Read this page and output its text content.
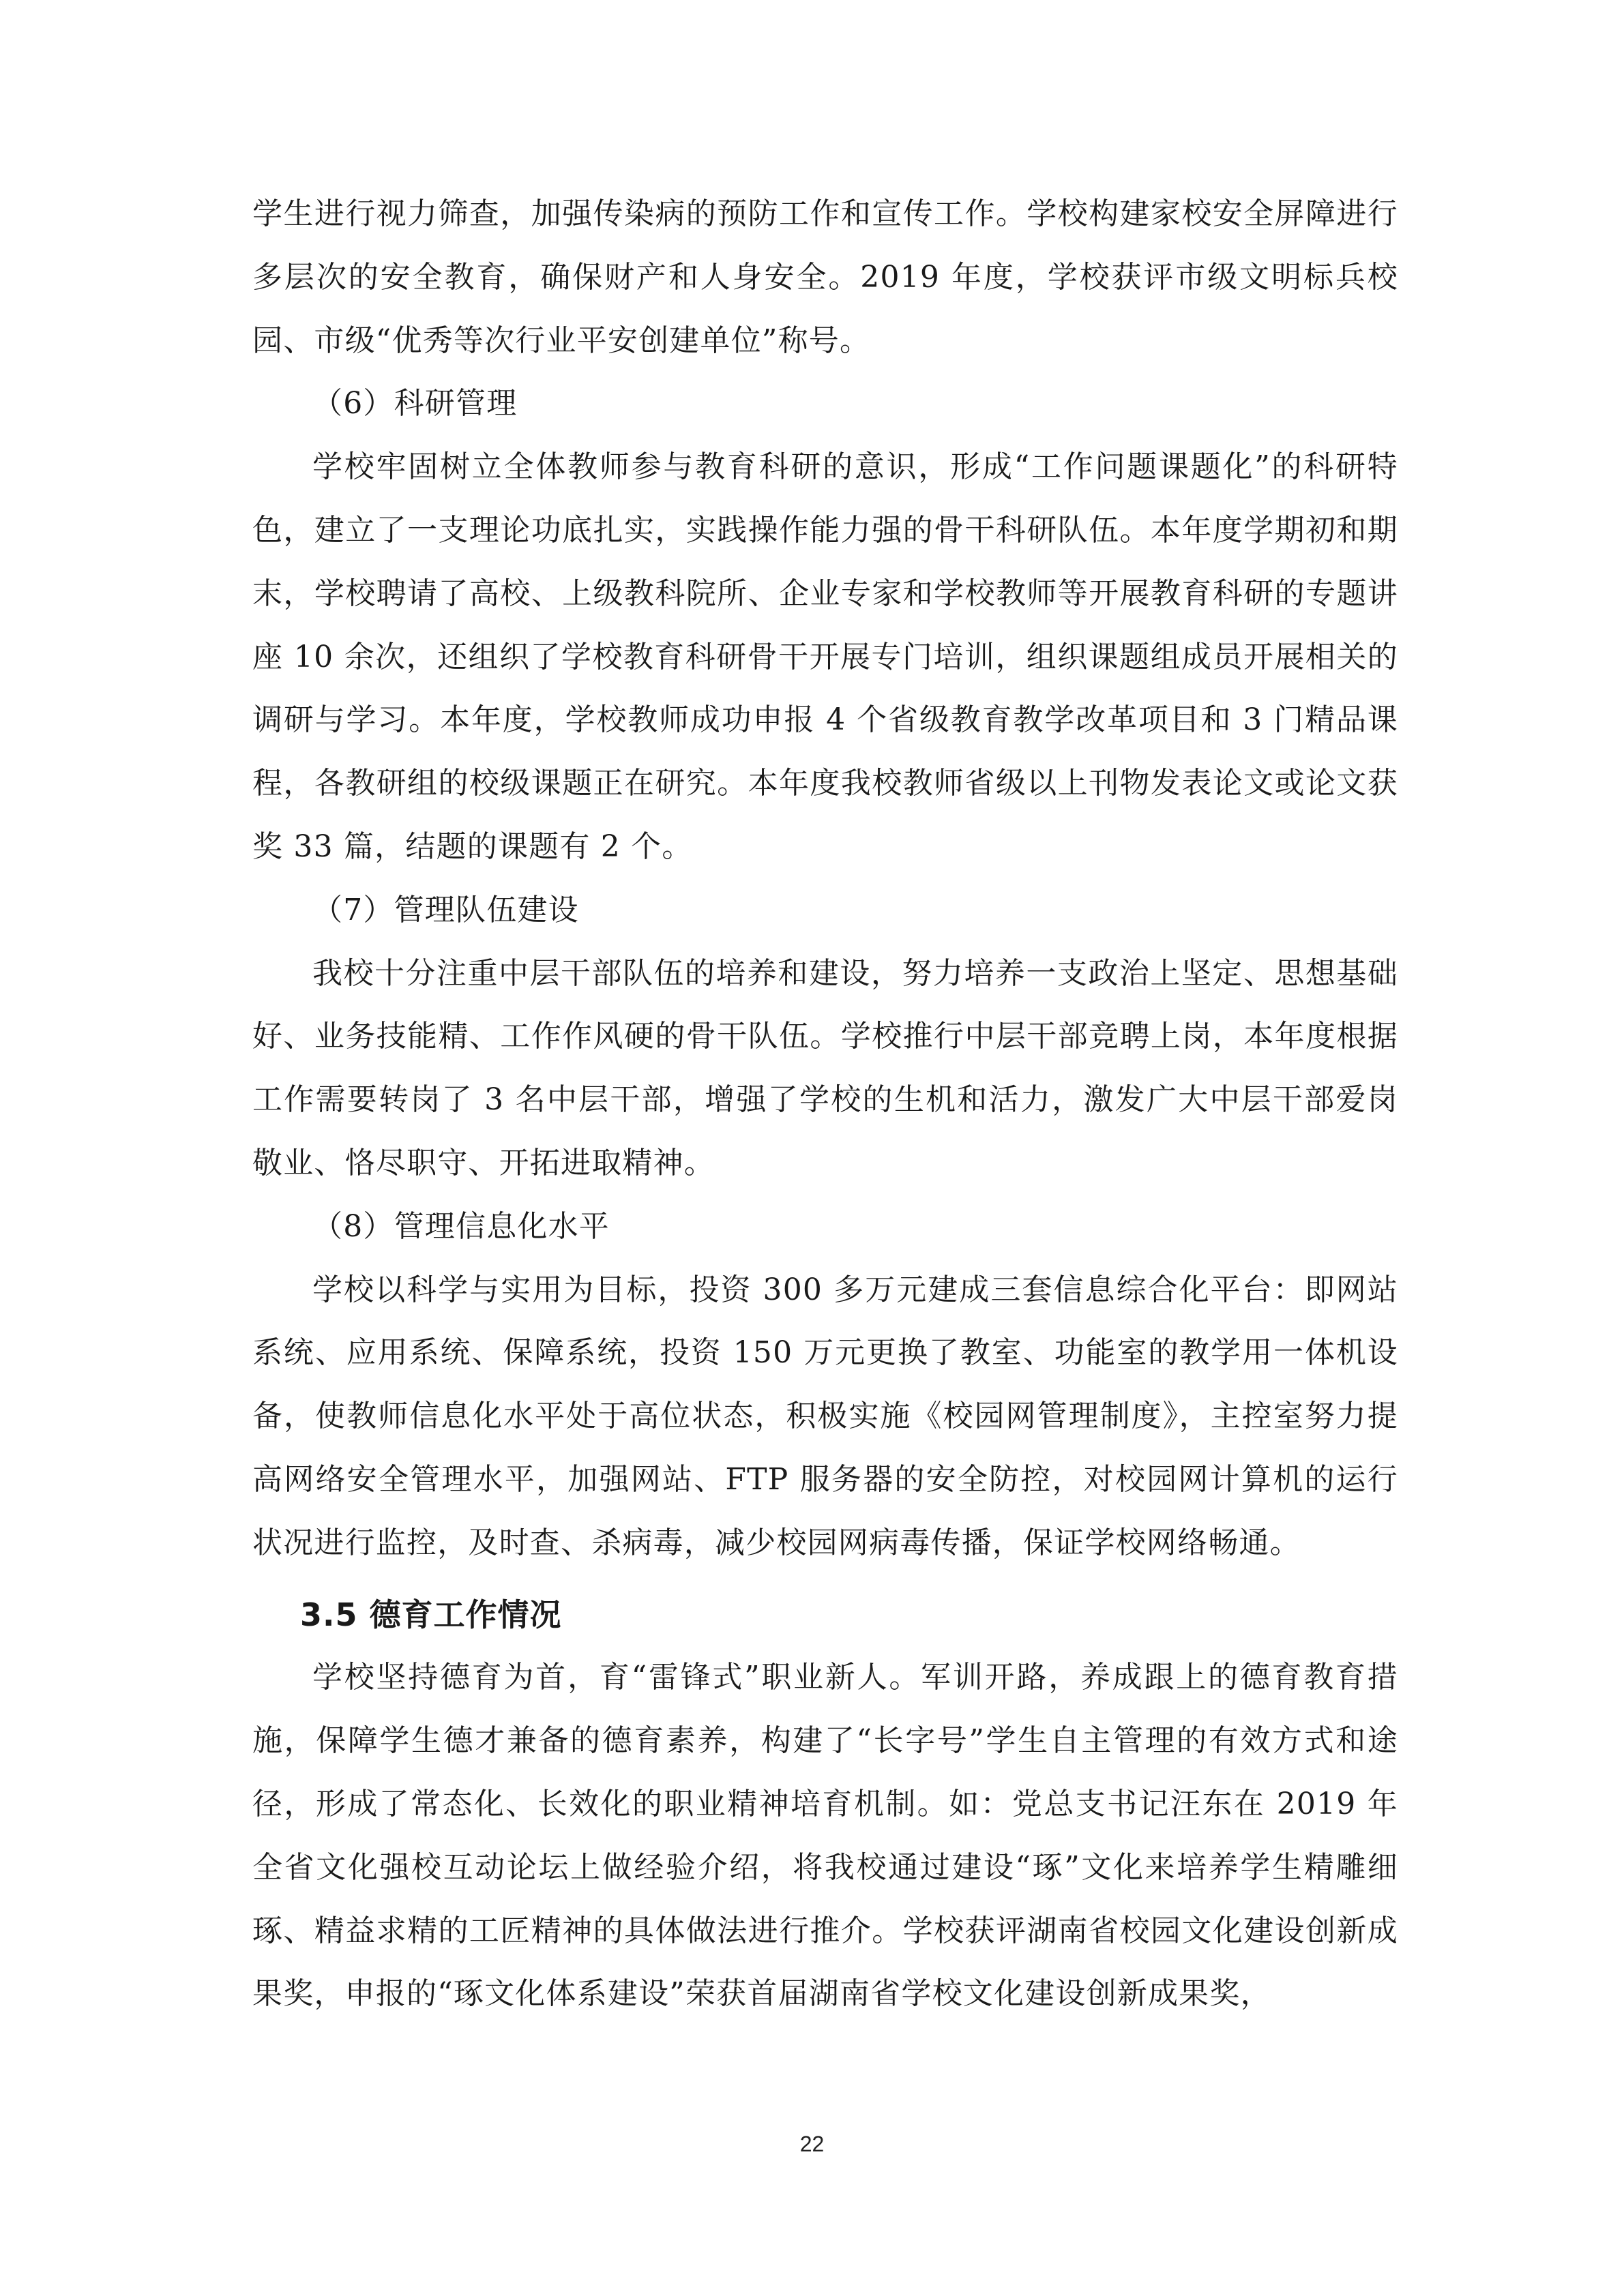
学生进行视力筛查，加强传染病的预防工作和宣传工作。学校构建家校安全屏障进行多层次的安全教育，确保财产和人身安全。2019 年度，学校获评市级文明标兵校园、市级“优秀等次行业平安创建单位”称号。

（6）科研管理

学校牢固树立全体教师参与教育科研的意识，形成“工作问题课题化”的科研特色，建立了一支理论功底扎实，实践操作能力强的骨干科研队伍。本年度学期初和期末，学校聘请了高校、上级教科院所、企业专家和学校教师等开展教育科研的专题讲座 10 余次，还组织了学校教育科研骨干开展专门培训，组织课题组成员开展相关的调研与学习。本年度，学校教师成功申报 4 个省级教育教学改革项目和 3 门精品课程，各教研组的校级课题正在研究。本年度我校教师省级以上刊物发表论文或论文获奖 33 篇，结题的课题有 2 个。

（7）管理队伍建设

我校十分注重中层干部队伍的培养和建设，努力培养一支政治上坚定、思想基础好、业务技能精、工作作风硬的骨干队伍。学校推行中层干部竞聘上岗，本年度根据工作需要转岗了 3 名中层干部，增强了学校的生机和活力，激发广大中层干部爱岗敬业、恪尽职守、开拓进取精神。

（8）管理信息化水平

学校以科学与实用为目标，投资 300 多万元建成三套信息综合化平台：即网站系统、应用系统、保障系统，投资 150 万元更换了教室、功能室的教学用一体机设备，使教师信息化水平处于高位状态，积极实施《校园网管理制度》，主控室努力提高网络安全管理水平，加强网站、FTP 服务器的安全防控，对校园网计算机的运行状况进行监控，及时查、杀病毒，减少校园网病毒传播，保证学校网络畅通。

3.5 德育工作情况

学校坚持德育为首，育“雷锋式”职业新人。军训开路，养成跟上的德育教育措施，保障学生德才兼备的德育素养，构建了“长字号”学生自主管理的有效方式和途径，形成了常态化、长效化的职业精神培育机制。如：党总支书记汪东在 2019 年全省文化强校互动论坛上做经验介绍，将我校通过建设“琢”文化来培养学生精雕细琢、精益求精的工匠精神的具体做法进行推介。学校获评湖南省校园文化建设创新成果奖，申报的“琢文化体系建设”荣获首届湖南省学校文化建设创新成果奖，

22
